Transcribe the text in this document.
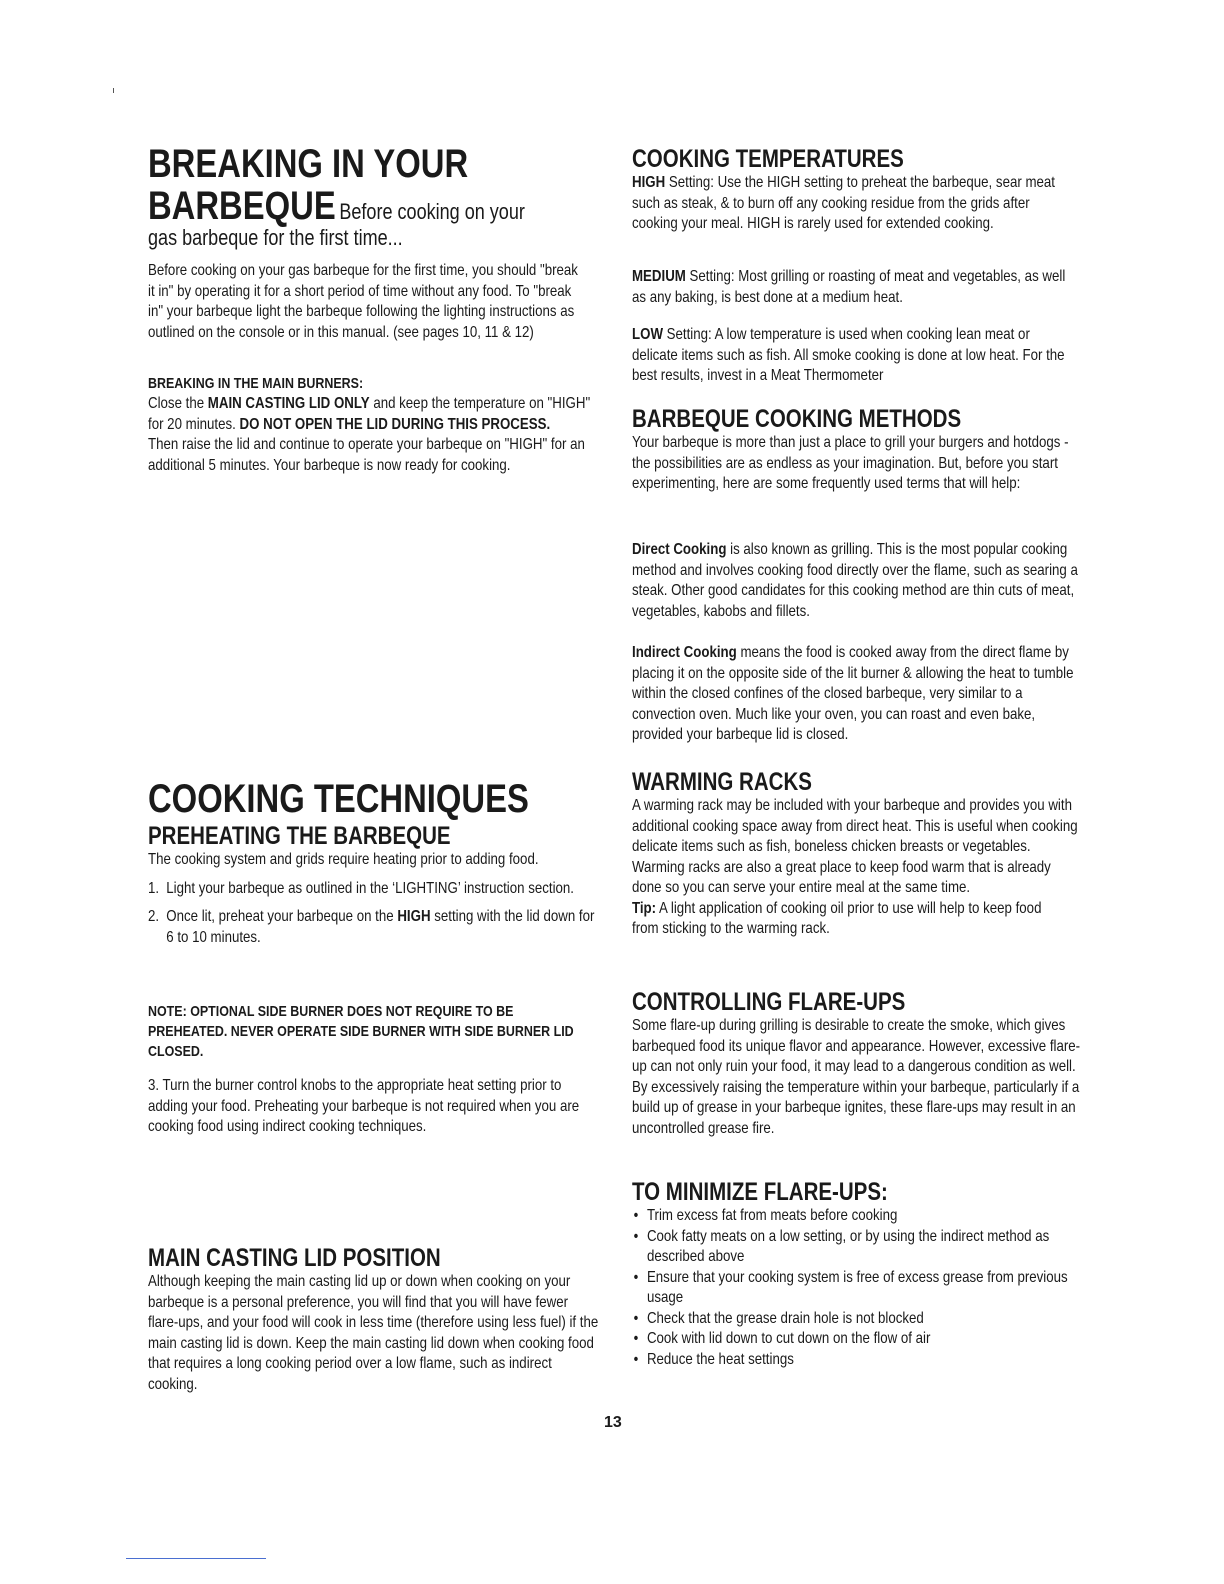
BREAKING IN YOUR
BARBEQUE Before cooking on your

gas barbeque for the first time...

Before cooking on your gas barbeque for the first time, you should "break it in" by operating it for a short period of time without any food. To "break in" your barbeque light the barbeque following the lighting instructions as outlined on the console or in this manual. (see pages 10, 11 & 12)

BREAKING IN THE MAIN BURNERS:

Close the MAIN CASTING LID ONLY and keep the temperature on "HIGH" for 20 minutes. DO NOT OPEN THE LID DURING THIS PROCESS.

Then raise the lid and continue to operate your barbeque on "HIGH" for an additional 5 minutes. Your barbeque is now ready for cooking.

COOKING TECHNIQUES
PREHEATING THE BARBEQUE

The cooking system and grids require heating prior to adding food.

1. Light your barbeque as outlined in the ‘LIGHTING’ instruction section.
2. Once lit, preheat your barbeque on the HIGH setting with the lid down for 6 to 10 minutes.

NOTE: OPTIONAL SIDE BURNER DOES NOT REQUIRE TO BE PREHEATED. NEVER OPERATE SIDE BURNER WITH SIDE BURNER LID CLOSED.

3. Turn the burner control knobs to the appropriate heat setting prior to adding your food. Preheating your barbeque is not required when you are cooking food using indirect cooking techniques.

MAIN CASTING LID POSITION

Although keeping the main casting lid up or down when cooking on your barbeque is a personal preference, you will find that you will have fewer flare-ups, and your food will cook in less time (therefore using less fuel) if the main casting lid is down. Keep the main casting lid down when cooking food that requires a long cooking period over a low flame, such as indirect cooking.

COOKING TEMPERATURES

HIGH Setting: Use the HIGH setting to preheat the barbeque, sear meat such as steak, & to burn off any cooking residue from the grids after cooking your meal. HIGH is rarely used for extended cooking.

MEDIUM Setting: Most grilling or roasting of meat and vegetables, as well as any baking, is best done at a medium heat.

LOW Setting: A low temperature is used when cooking lean meat or delicate items such as fish. All smoke cooking is done at low heat. For the best results, invest in a Meat Thermometer

BARBEQUE COOKING METHODS

Your barbeque is more than just a place to grill your burgers and hotdogs - the possibilities are as endless as your imagination. But, before you start experimenting, here are some frequently used terms that will help:

Direct Cooking is also known as grilling. This is the most popular cooking method and involves cooking food directly over the flame, such as searing a steak. Other good candidates for this cooking method are thin cuts of meat, vegetables, kabobs and fillets.

Indirect Cooking means the food is cooked away from the direct flame by placing it on the opposite side of the lit burner & allowing the heat to tumble within the closed confines of the closed barbeque, very similar to a convection oven. Much like your oven, you can roast and even bake, provided your barbeque lid is closed.

WARMING RACKS

A warming rack may be included with your barbeque and provides you with additional cooking space away from direct heat. This is useful when cooking delicate items such as fish, boneless chicken breasts or vegetables. Warming racks are also a great place to keep food warm that is already done so you can serve your entire meal at the same time.

Tip: A light application of cooking oil prior to use will help to keep food from sticking to the warming rack.

CONTROLLING FLARE-UPS

Some flare-up during grilling is desirable to create the smoke, which gives barbequed food its unique flavor and appearance. However, excessive flare-up can not only ruin your food, it may lead to a dangerous condition as well. By excessively raising the temperature within your barbeque, particularly if a build up of grease in your barbeque ignites, these flare-ups may result in an uncontrolled grease fire.

TO MINIMIZE FLARE-UPS:
• Trim excess fat from meats before cooking
• Cook fatty meats on a low setting, or by using the indirect method as described above
• Ensure that your cooking system is free of excess grease from previous usage
• Check that the grease drain hole is not blocked
• Cook with lid down to cut down on the flow of air
• Reduce the heat settings
13
